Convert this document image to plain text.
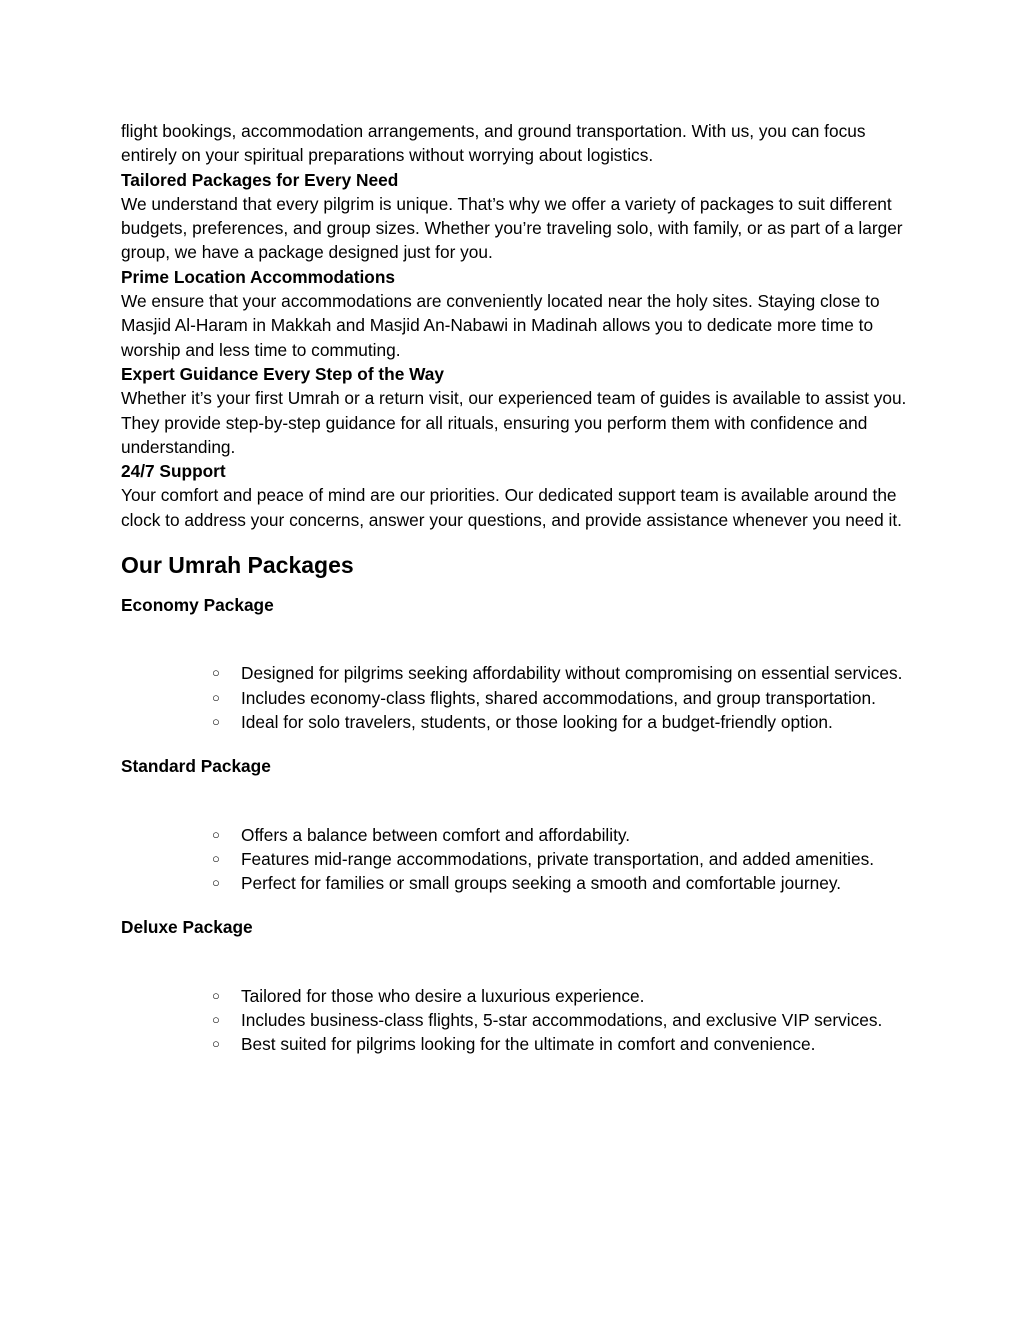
flight bookings, accommodation arrangements, and ground transportation. With us, you can focus entirely on your spiritual preparations without worrying about logistics.

Tailored Packages for Every Need

We understand that every pilgrim is unique. That’s why we offer a variety of packages to suit different budgets, preferences, and group sizes. Whether you’re traveling solo, with family, or as part of a larger group, we have a package designed just for you.

Prime Location Accommodations

We ensure that your accommodations are conveniently located near the holy sites. Staying close to Masjid Al-Haram in Makkah and Masjid An-Nabawi in Madinah allows you to dedicate more time to worship and less time to commuting.

Expert Guidance Every Step of the Way

Whether it’s your first Umrah or a return visit, our experienced team of guides is available to assist you. They provide step-by-step guidance for all rituals, ensuring you perform them with confidence and understanding.

24/7 Support

Your comfort and peace of mind are our priorities. Our dedicated support team is available around the clock to address your concerns, answer your questions, and provide assistance whenever you need it.

Our Umrah Packages

Economy Package

○ Designed for pilgrims seeking affordability without compromising on essential services.
○ Includes economy-class flights, shared accommodations, and group transportation.
○ Ideal for solo travelers, students, or those looking for a budget-friendly option.

Standard Package

○ Offers a balance between comfort and affordability.
○ Features mid-range accommodations, private transportation, and added amenities.
○ Perfect for families or small groups seeking a smooth and comfortable journey.

Deluxe Package

○ Tailored for those who desire a luxurious experience.
○ Includes business-class flights, 5-star accommodations, and exclusive VIP services.
○ Best suited for pilgrims looking for the ultimate in comfort and convenience.
